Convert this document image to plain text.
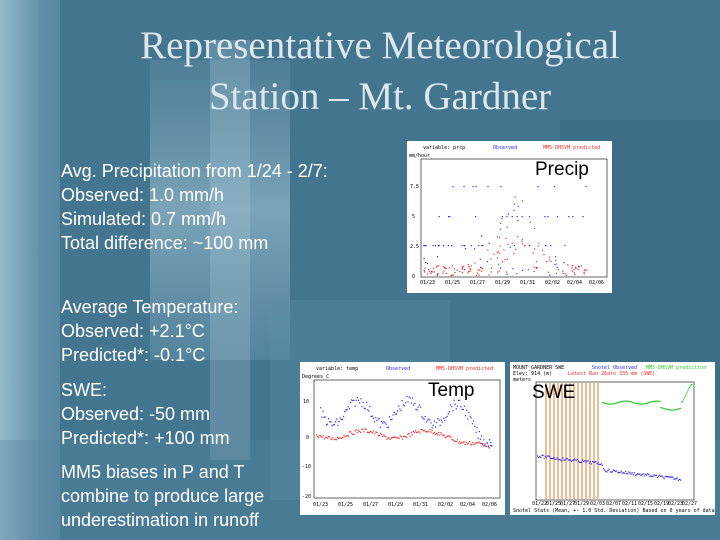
Representative Meteorological
Station – Mt. Gardner
Avg. Precipitation from 1/24 - 2/7:
Observed: 1.0 mm/h
Simulated: 0.7 mm/h
Total difference: ~100 mm
Average Temperature:
Observed: +2.1°C
Predicted*: -0.1°C
SWE:
Observed: -50 mm
Predicted*: +100 mm
MM5 biases in P and T
combine to produce large
underestimation in runoff
variable: prcp	Observed	MM5-DHSVM predicted
mm/hour
7.5
5
2.5
0
01/23 01/25 01/27 01/29 01/31 02/02 02/04 02/06
Precip
variable: temp	Observed	MM5-DHSVM predicted
Degrees C
10
0
-10
-20
01/23 01/25 01/27 01/29 01/31 02/02 02/04 02/06
Temp
MOUNT_GARDNER SWE
Elev: 914 (m)
Snotel Observed MM5-DHSVM prediction
Latest Run 26ato 335 mm (SWE)
meters
01/22
01/25
01/27
01/29 02/03 02/07 02/11 02/15 02/19
02/23
02/27
Snotel Stats (Mean, +- 1.0 Std. Deviation) Based on 0 years of data
SWE
